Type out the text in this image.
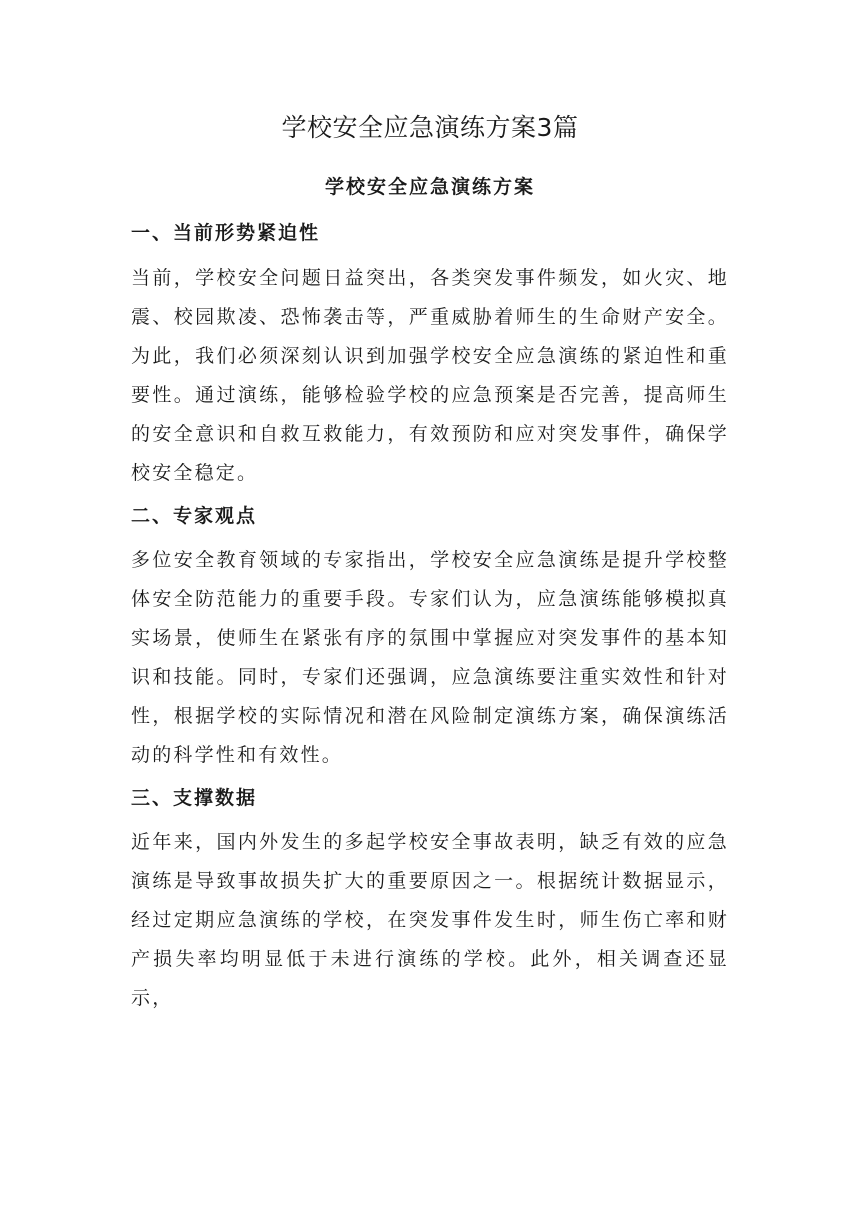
学校安全应急演练方案3篇
学校安全应急演练方案
一、当前形势紧迫性

当前，学校安全问题日益突出，各类突发事件频发，如火灾、地震、校园欺凌、恐怖袭击等，严重威胁着师生的生命财产安全。为此，我们必须深刻认识到加强学校安全应急演练的紧迫性和重要性。通过演练，能够检验学校的应急预案是否完善，提高师生的安全意识和自救互救能力，有效预防和应对突发事件，确保学校安全稳定。

二、专家观点

多位安全教育领域的专家指出，学校安全应急演练是提升学校整体安全防范能力的重要手段。专家们认为，应急演练能够模拟真实场景，使师生在紧张有序的氛围中掌握应对突发事件的基本知识和技能。同时，专家们还强调，应急演练要注重实效性和针对性，根据学校的实际情况和潜在风险制定演练方案，确保演练活动的科学性和有效性。

三、支撑数据

近年来，国内外发生的多起学校安全事故表明，缺乏有效的应急演练是导致事故损失扩大的重要原因之一。根据统计数据显示，经过定期应急演练的学校，在突发事件发生时，师生伤亡率和财产损失率均明显低于未进行演练的学校。此外，相关调查还显示，
